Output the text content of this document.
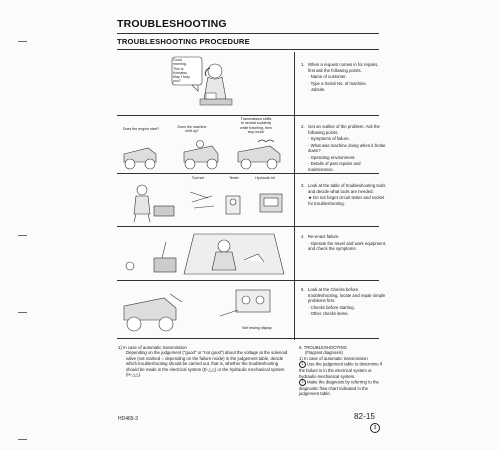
TROUBLESHOOTING
TROUBLESHOOTING PROCEDURE
Good
morning.
This is
Komatsu.
May I help
you?
Does the engine start?	Does the machine
shift up?
Transmission shifts
to neutral suddenly
while traveling, then
stop touch
Tool set	Tester	Hydraulic kit
Self testing display
1. When a request comes in for repairs, first ask the following points.
· Name of customer.
· Type a Serial No. of machine.
· Jobsite.
2. Get an outline of the problem. Ask the following points.
· Symptoms of failure.
· What was machine doing when it broke down?
· Operating environment.
· Details of past repairs and maintenance.
3. Look at the table of troubleshooting tools and decide what tools are needed.
★ Do not forget circuit tester and socket for troubleshooting.
4. Re-enact failure.
· Operate the travel and work equipment, and check the symptoms.
5. Look at the Checks before troubleshooting, locate and repair simple problems first.
· Checks before starting.
· Other checks items.
1) In case of automatic transmission
Depending on the judgement ("good" or "not good") about the voltage at the solenoid valve (not marked ○ depending on the failure mode) in the judgement table, decide which troubleshooting should be carried out, that is, whether the troubleshooting should be made in the electrical system (E-△△) or the hydraulic mechanical system (H-△△).
6. TROUBLESHOOTING
(Flagrant diagnosis)
1) In case of automatic transmission
1 Use the judgement table to determine if the failure is in the electrical system or hydraulic-mechanical system.
2 Make the diagnosis by referring to the diagnostic flow chart indicated in the judgement table.
HD465-3	82-15
3
